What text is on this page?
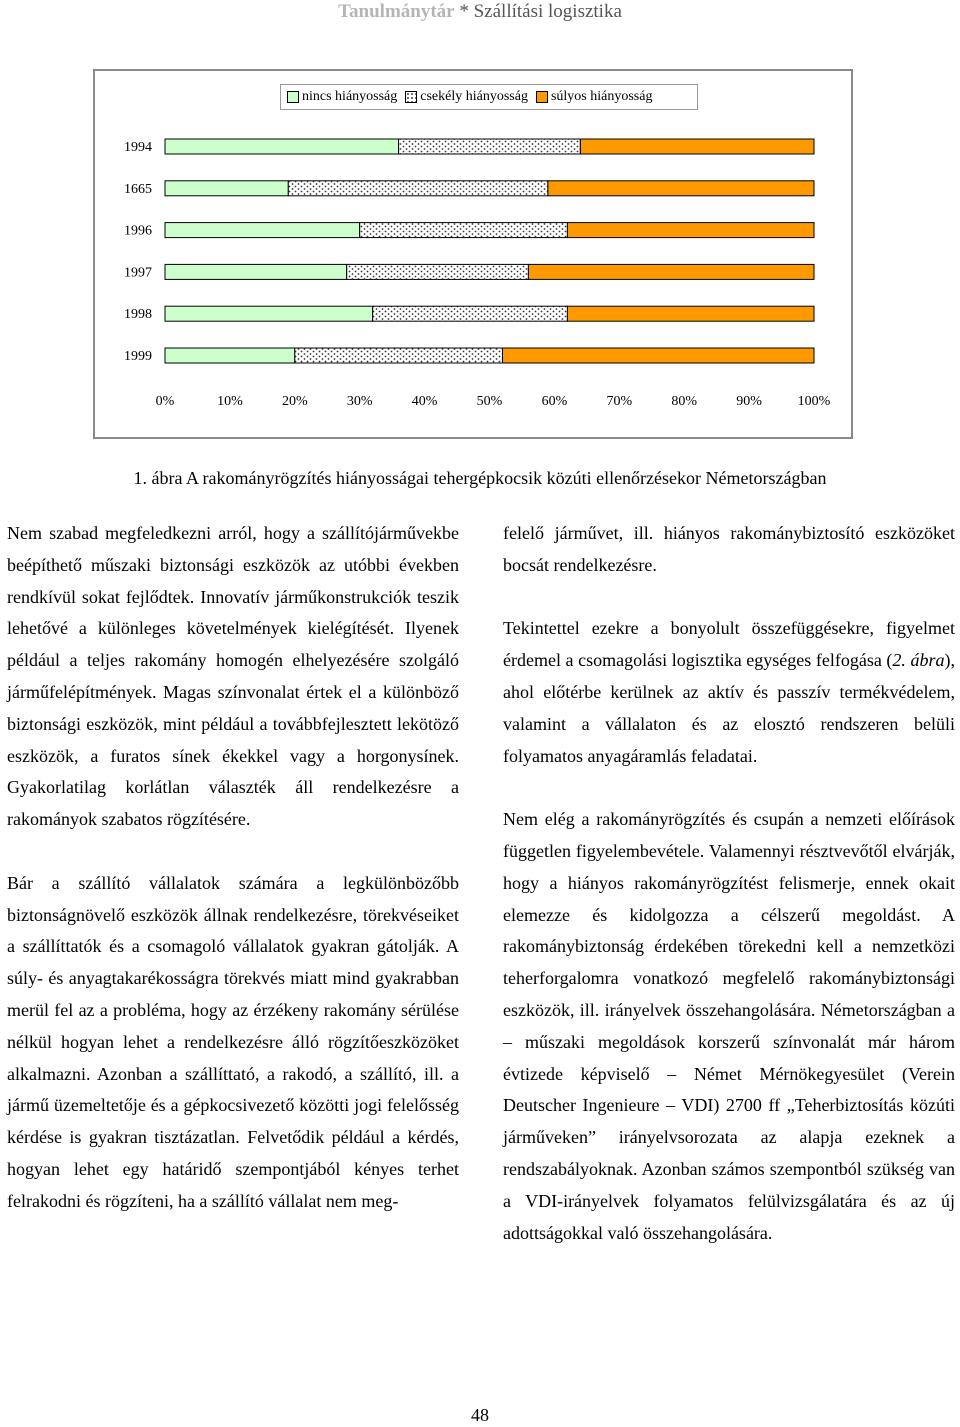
Tanulmánytár * Szállítási logisztika
nincs hiányosság csekély hiányosság súlyos hiányosság
1994
1665
1996
1997
1998
1999
0%	10%	20%	30%	40%	50%	60%	70%	80%	90%	100%
1. ábra A rakományrögzítés hiányosságai tehergépkocsik közúti ellenőrzésekor Németországban

Nem szabad megfeledkezni arról, hogy a szállítójárművekbe beépíthető műszaki biztonsági eszközök az utóbbi években rendkívül sokat fejlődtek. Innovatív járműkonstrukciók teszik lehetővé a különleges követelmények kielégítését. Ilyenek például a teljes rakomány homogén elhelyezésére szolgáló járműfelépítmények. Magas színvonalat értek el a különböző biztonsági eszközök, mint például a továbbfejlesztett lekötöző eszközök, a furatos sínek ékekkel vagy a horgonysínek. Gyakorlatilag korlátlan választék áll rendelkezésre a rakományok szabatos rögzítésére.

Bár a szállító vállalatok számára a legkülönbözőbb biztonságnövelő eszközök állnak rendelkezésre, törekvéseiket a szállíttatók és a csomagoló vállalatok gyakran gátolják. A súly- és anyagtakarékosságra törekvés miatt mind gyakrabban merül fel az a probléma, hogy az érzékeny rakomány sérülése nélkül hogyan lehet a rendelkezésre álló rögzítőeszközöket alkalmazni. Azonban a szállíttató, a rakodó, a szállító, ill. a jármű üzemeltetője és a gépkocsivezető közötti jogi felelősség kérdése is gyakran tisztázatlan. Felvetődik például a kérdés, hogyan lehet egy határidő szempontjából kényes terhet felrakodni és rögzíteni, ha a szállító vállalat nem meg-

felelő járművet, ill. hiányos rakománybiztosító eszközöket bocsát rendelkezésre.

Tekintettel ezekre a bonyolult összefüggésekre, figyelmet érdemel a csomagolási logisztika egységes felfogása (2. ábra), ahol előtérbe kerülnek az aktív és passzív termékvédelem, valamint a vállalaton és az elosztó rendszeren belüli folyamatos anyagáramlás feladatai.

Nem elég a rakományrögzítés és csupán a nemzeti előírások független figyelembevétele. Valamennyi résztvevőtől elvárják, hogy a hiányos rakományrögzítést felismerje, ennek okait elemezze és kidolgozza a célszerű megoldást. A rakománybiztonság érdekében törekedni kell a nemzetközi teherforgalomra vonatkozó megfelelő rakománybiztonsági eszközök, ill. irányelvek összehangolására. Németországban a – műszaki megoldások korszerű színvonalát már három évtizede képviselő – Német Mérnökegyesület (Verein Deutscher Ingenieure – VDI) 2700 ff „Teherbiztosítás közúti járműveken” irányelvsorozata az alapja ezeknek a rendszabályoknak. Azonban számos szempontból szükség van a VDI-irányelvek folyamatos felülvizsgálatára és az új adottságokkal való összehangolására.

48
